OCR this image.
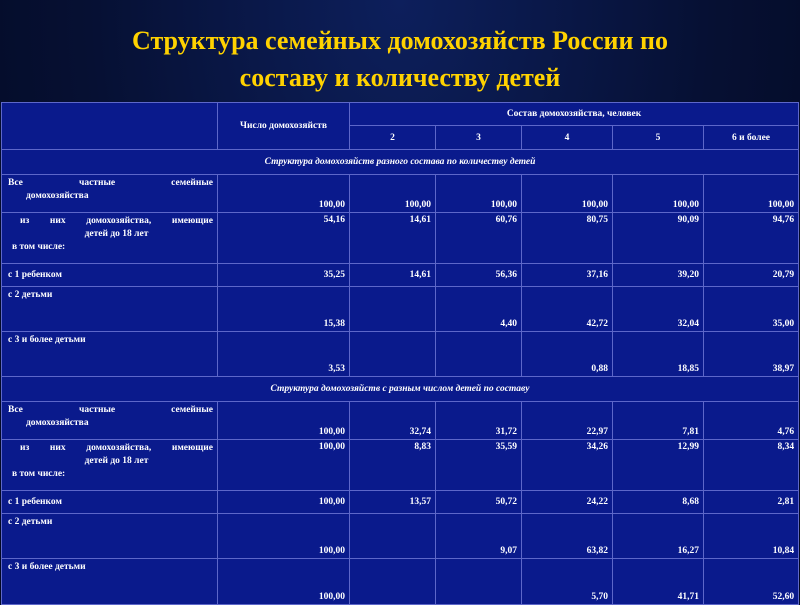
Структура семейных домохозяйств России по
составу и количеству детей
	Число домохозяйств	Состав домохозяйства, человек				
		2	3	4	5	6 и более
Структура домохозяйств разного состава по количеству детей						

Все частные семейные
домохозяйства	100,00	100,00	100,00	100,00	100,00	100,00

из них домохозяйства, имеющие
детей до 18 лет
в том числе:	54,16	14,61	60,76	80,75	90,09	94,76
с 1 ребенком	35,25	14,61	56,36	37,16	39,20	20,79
с 2 детьми	15,38		4,40	42,72	32,04	35,00
с 3 и более детьми	3,53			0,88	18,85	38,97
Структура домохозяйств с разным числом детей по составу						

Все частные семейные
домохозяйства	100,00	32,74	31,72	22,97	7,81	4,76

из них домохозяйства, имеющие
детей до 18 лет
в том числе:	100,00	8,83	35,59	34,26	12,99	8,34
с 1 ребенком	100,00	13,57	50,72	24,22	8,68	2,81
с 2 детьми	100,00		9,07	63,82	16,27	10,84
с 3 и более детьми	100,00			5,70	41,71	52,60
